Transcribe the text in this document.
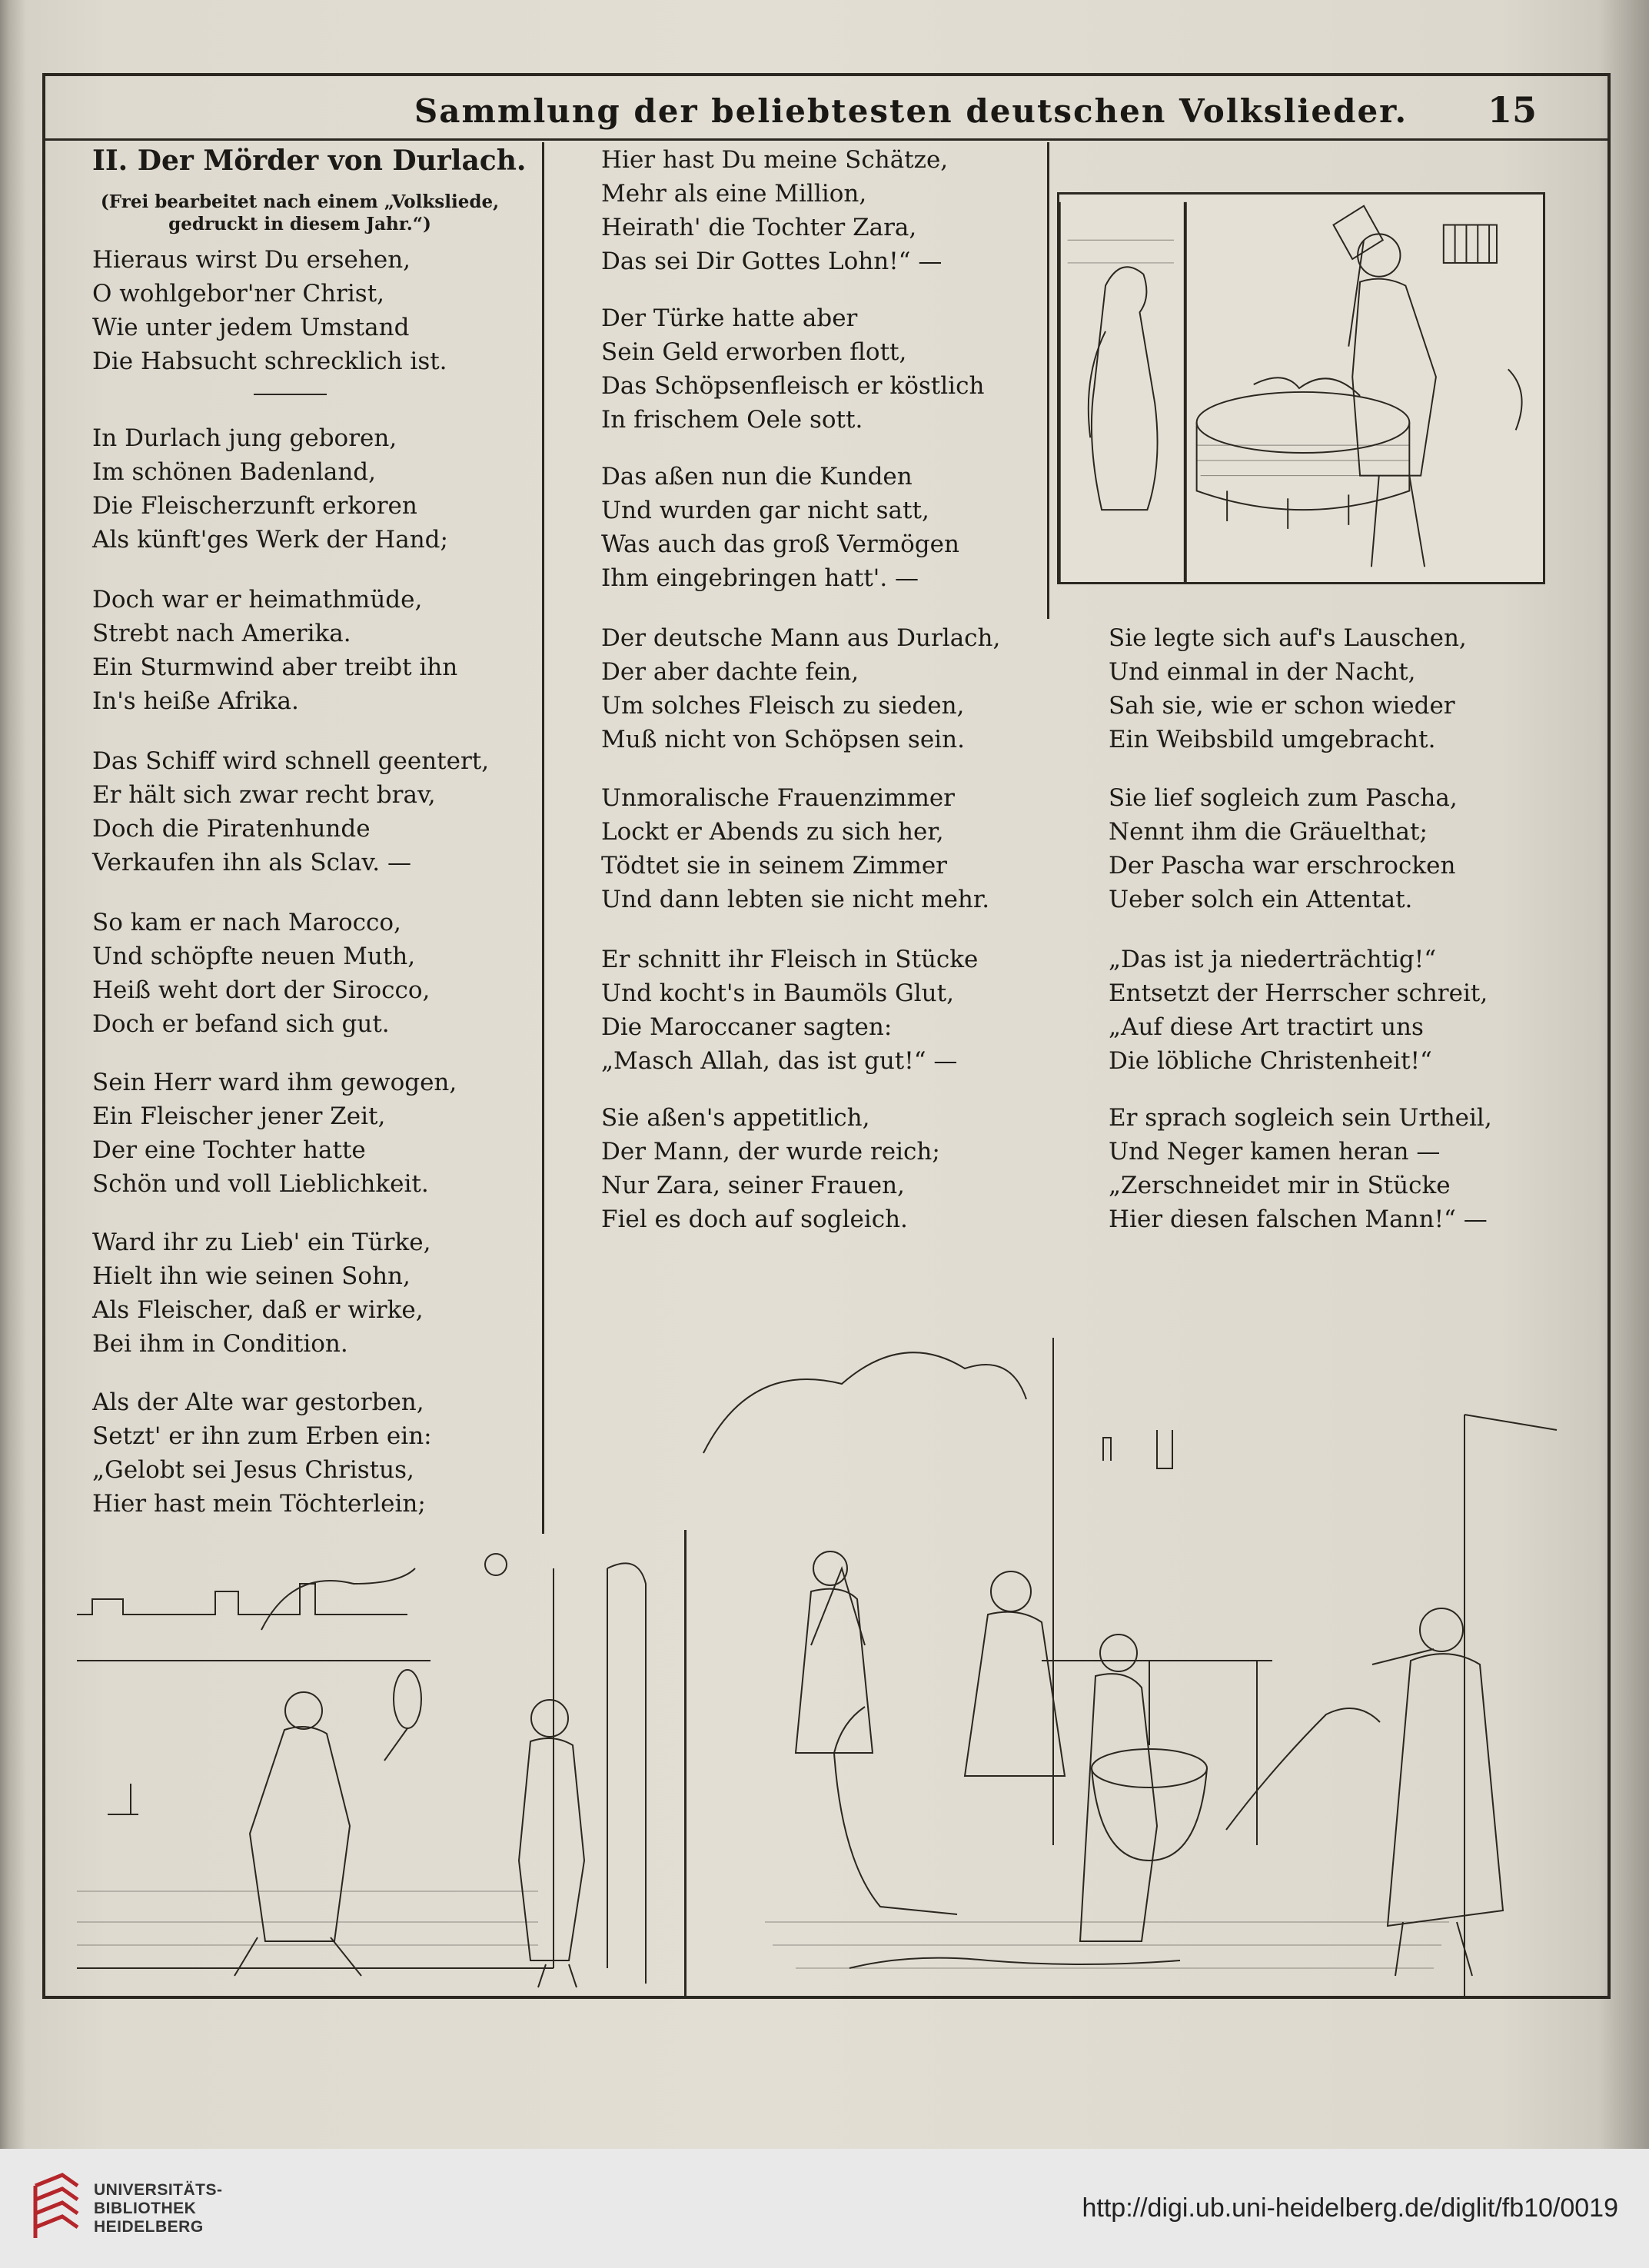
Sammlung der beliebtesten deutschen Volkslieder. 15
II. Der Mörder von Durlach.
(Frei bearbeitet nach einem „Volksliede, gedruckt in diesem Jahr.“)
Hieraus wirst Du ersehen,
O wohlgebor'ner Christ,
Wie unter jedem Umstand
Die Habsucht schrecklich ist.
In Durlach jung geboren,
Im schönen Badenland,
Die Fleischerzunft erkoren
Als künft'ges Werk der Hand;
Doch war er heimathmüde,
Strebt nach Amerika.
Ein Sturmwind aber treibt ihn
In's heiße Afrika.
Das Schiff wird schnell geentert,
Er hält sich zwar recht brav,
Doch die Piratenhunde
Verkaufen ihn als Sclav. —
So kam er nach Marocco,
Und schöpfte neuen Muth,
Heiß weht dort der Sirocco,
Doch er befand sich gut.
Sein Herr ward ihm gewogen,
Ein Fleischer jener Zeit,
Der eine Tochter hatte
Schön und voll Lieblichkeit.
Ward ihr zu Lieb' ein Türke,
Hielt ihn wie seinen Sohn,
Als Fleischer, daß er wirke,
Bei ihm in Condition.
Als der Alte war gestorben,
Setzt' er ihn zum Erben ein:
„Gelobt sei Jesus Christus,
Hier hast mein Töchterlein;
Hier hast Du meine Schätze,
Mehr als eine Million,
Heirath' die Tochter Zara,
Das sei Dir Gottes Lohn!“ —
Der Türke hatte aber
Sein Geld erworben flott,
Das Schöpsenfleisch er köstlich
In frischem Oele sott.
Das aßen nun die Kunden
Und wurden gar nicht satt,
Was auch das groß Vermögen
Ihm eingebringen hatt'. —
Der deutsche Mann aus Durlach,
Der aber dachte fein,
Um solches Fleisch zu sieden,
Muß nicht von Schöpsen sein.
Unmoralische Frauenzimmer
Lockt er Abends zu sich her,
Tödtet sie in seinem Zimmer
Und dann lebten sie nicht mehr.
Er schnitt ihr Fleisch in Stücke
Und kocht's in Baumöls Glut,
Die Maroccaner sagten:
„Masch Allah, das ist gut!“ —
Sie aßen's appetitlich,
Der Mann, der wurde reich;
Nur Zara, seiner Frauen,
Fiel es doch auf sogleich.
Sie legte sich auf's Lauschen,
Und einmal in der Nacht,
Sah sie, wie er schon wieder
Ein Weibsbild umgebracht.
Sie lief sogleich zum Pascha,
Nennt ihm die Gräuelthat;
Der Pascha war erschrocken
Ueber solch ein Attentat.
„Das ist ja niederträchtig!“
Entsetzt der Herrscher schreit,
„Auf diese Art tractirt uns
Die löbliche Christenheit!“
Er sprach sogleich sein Urtheil,
Und Neger kamen heran —
„Zerschneidet mir in Stücke
Hier diesen falschen Mann!“ —
UNIVERSITÄTS-
BIBLIOTHEK
HEIDELBERG
http://digi.ub.uni-heidelberg.de/diglit/fb10/0019
